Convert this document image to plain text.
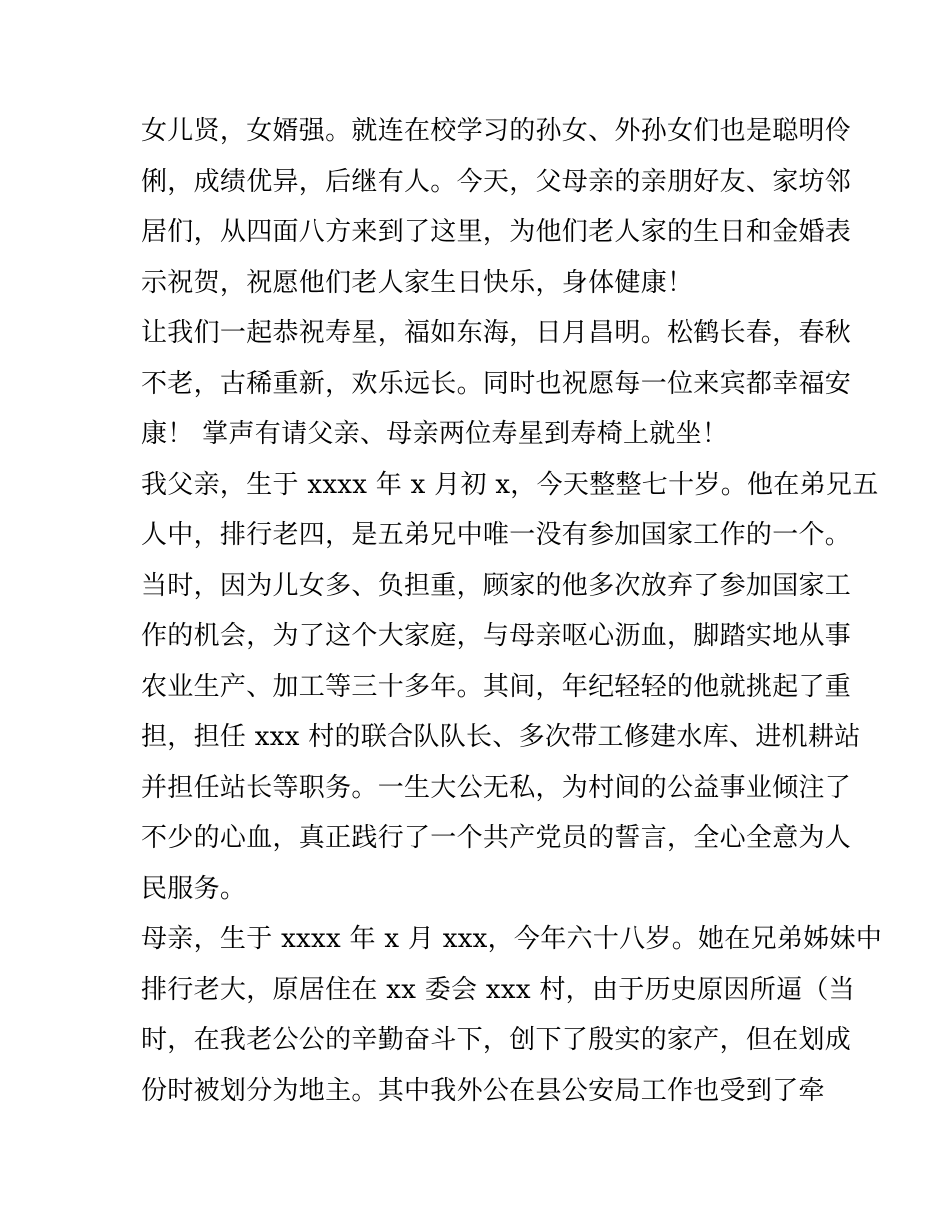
女儿贤，女婿强。就连在校学习的孙女、外孙女们也是聪明伶
俐，成绩优异，后继有人。今天，父母亲的亲朋好友、家坊邻
居们，从四面八方来到了这里，为他们老人家的生日和金婚表
示祝贺，祝愿他们老人家生日快乐，身体健康！
让我们一起恭祝寿星，福如东海，日月昌明。松鹤长春，春秋
不老，古稀重新，欢乐远长。同时也祝愿每一位来宾都幸福安
康！ 掌声有请父亲、母亲两位寿星到寿椅上就坐！
我父亲，生于 xxxx 年 x 月初 x，今天整整七十岁。他在弟兄五
人中，排行老四，是五弟兄中唯一没有参加国家工作的一个。
当时，因为儿女多、负担重，顾家的他多次放弃了参加国家工
作的机会，为了这个大家庭，与母亲呕心沥血，脚踏实地从事
农业生产、加工等三十多年。其间，年纪轻轻的他就挑起了重
担，担任 xxx 村的联合队队长、多次带工修建水库、进机耕站
并担任站长等职务。一生大公无私，为村间的公益事业倾注了
不少的心血，真正践行了一个共产党员的誓言，全心全意为人
民服务。
母亲，生于 xxxx 年 x 月 xxx，今年六十八岁。她在兄弟姊妹中
排行老大，原居住在 xx 委会 xxx 村，由于历史原因所逼（当
时，在我老公公的辛勤奋斗下，创下了殷实的家产，但在划成
份时被划分为地主。其中我外公在县公安局工作也受到了牵
